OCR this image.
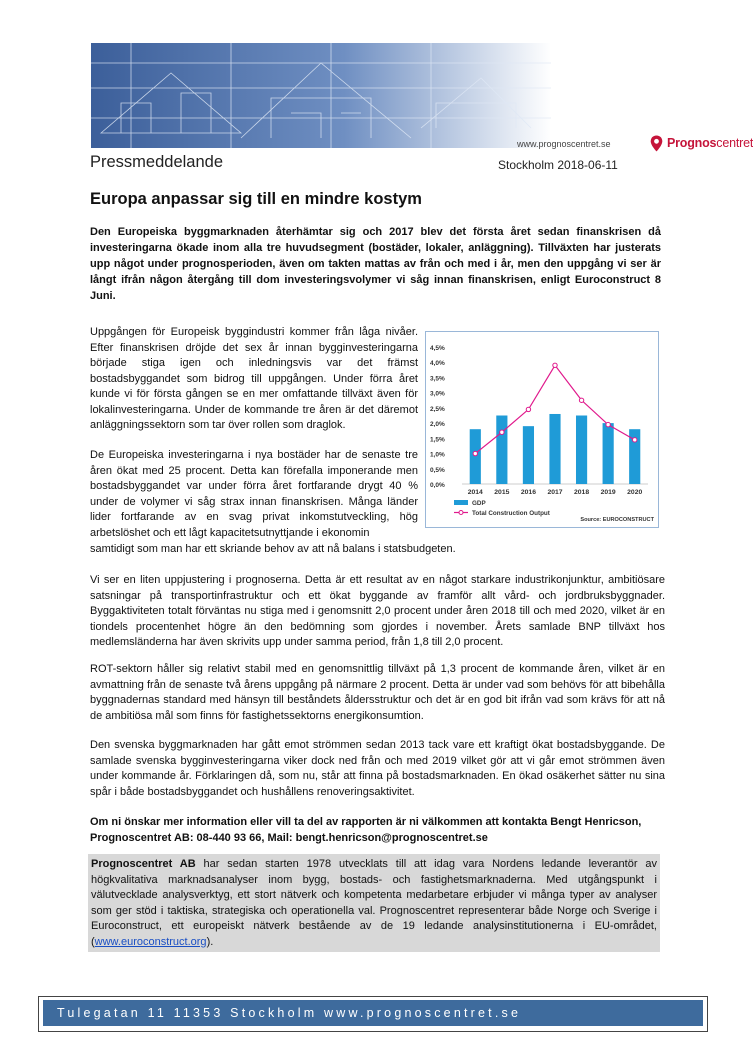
www.prognoscentret.se	Prognoscentret
Pressmeddelande	Stockholm 2018-06-11
Europa anpassar sig till en mindre kostym

Den Europeiska byggmarknaden återhämtar sig och 2017 blev det första året sedan finanskrisen då investeringarna ökade inom alla tre huvudsegment (bostäder, lokaler, anläggning). Tillväxten har justerats upp något under prognosperioden, även om takten mattas av från och med i år, men den uppgång vi ser är långt ifrån någon återgång till dom investeringsvolymer vi såg innan finanskrisen, enligt Euroconstruct 8 Juni.

Uppgången för Europeisk byggindustri kommer från låga nivåer. Efter finanskrisen dröjde det sex år innan bygginvesteringarna började stiga igen och inledningsvis var det främst bostadsbyggandet som bidrog till uppgången. Under förra året kunde vi för första gången se en mer omfattande tillväxt även för lokalinvesteringarna. Under de kommande tre åren är det däremot anläggningssektorn som tar över rollen som draglok.

De Europeiska investeringarna i nya bostäder har de senaste tre åren ökat med 25 procent. Detta kan förefalla imponerande men bostadsbyggandet var under förra året fortfarande drygt 40 % under de volymer vi såg strax innan finanskrisen. Många länder lider fortfarande av en svag privat inkomstutveckling, hög arbetslöshet och ett lågt kapacitetsutnyttjande i ekonomin

samtidigt som man har ett skriande behov av att nå balans i statsbudgeten.

0,0%
0,5%
1,0%
1,5%
2,0%
2,5%
3,0%
3,5%
4,0%
4,5%
2014 2015 2016 2017 2018 2019 2020
GDP
Total Construction Output
Source: EUROCONSTRUCT

Vi ser en liten uppjustering i prognoserna. Detta är ett resultat av en något starkare industrikonjunktur, ambitiösare satsningar på transportinfrastruktur och ett ökat byggande av framför allt vård- och jordbruksbyggnader. Byggaktiviteten totalt förväntas nu stiga med i genomsnitt 2,0 procent under åren 2018 till och med 2020, vilket är en tiondels procentenhet högre än den bedömning som gjordes i november. Årets samlade BNP tillväxt hos medlemsländerna har även skrivits upp under samma period, från 1,8 till 2,0 procent.

ROT-sektorn håller sig relativt stabil med en genomsnittlig tillväxt på 1,3 procent de kommande åren, vilket är en avmattning från de senaste två årens uppgång på närmare 2 procent. Detta är under vad som behövs för att bibehålla byggnadernas standard med hänsyn till beståndets åldersstruktur och det är en god bit ifrån vad som krävs för att nå de ambitiösa mål som finns för fastighetssektorns energikonsumtion.

Den svenska byggmarknaden har gått emot strömmen sedan 2013 tack vare ett kraftigt ökat bostadsbyggande. De samlade svenska bygginvesteringarna viker dock ned från och med 2019 vilket gör att vi går emot strömmen även under kommande år. Förklaringen då, som nu, står att finna på bostadsmarknaden. En ökad osäkerhet sätter nu sina spår i både bostadsbyggandet och hushållens renoveringsaktivitet.

Om ni önskar mer information eller vill ta del av rapporten är ni välkommen att kontakta Bengt Henricson, Prognoscentret AB: 08-440 93 66, Mail: bengt.henricson@prognoscentret.se

Prognoscentret AB har sedan starten 1978 utvecklats till att idag vara Nordens ledande leverantör av högkvalitativa marknadsanalyser inom bygg, bostads- och fastighetsmarknaderna. Med utgångspunkt i välutvecklade analysverktyg, ett stort nätverk och kompetenta medarbetare erbjuder vi många typer av analyser som ger stöd i taktiska, strategiska och operationella val. Prognoscentret representerar både Norge och Sverige i Euroconstruct, ett europeiskt nätverk bestående av de 19 ledande analysinstitutionerna i EU-området, (www.euroconstruct.org).
Tulegatan 11 11353 Stockholm www.prognoscentret.se
